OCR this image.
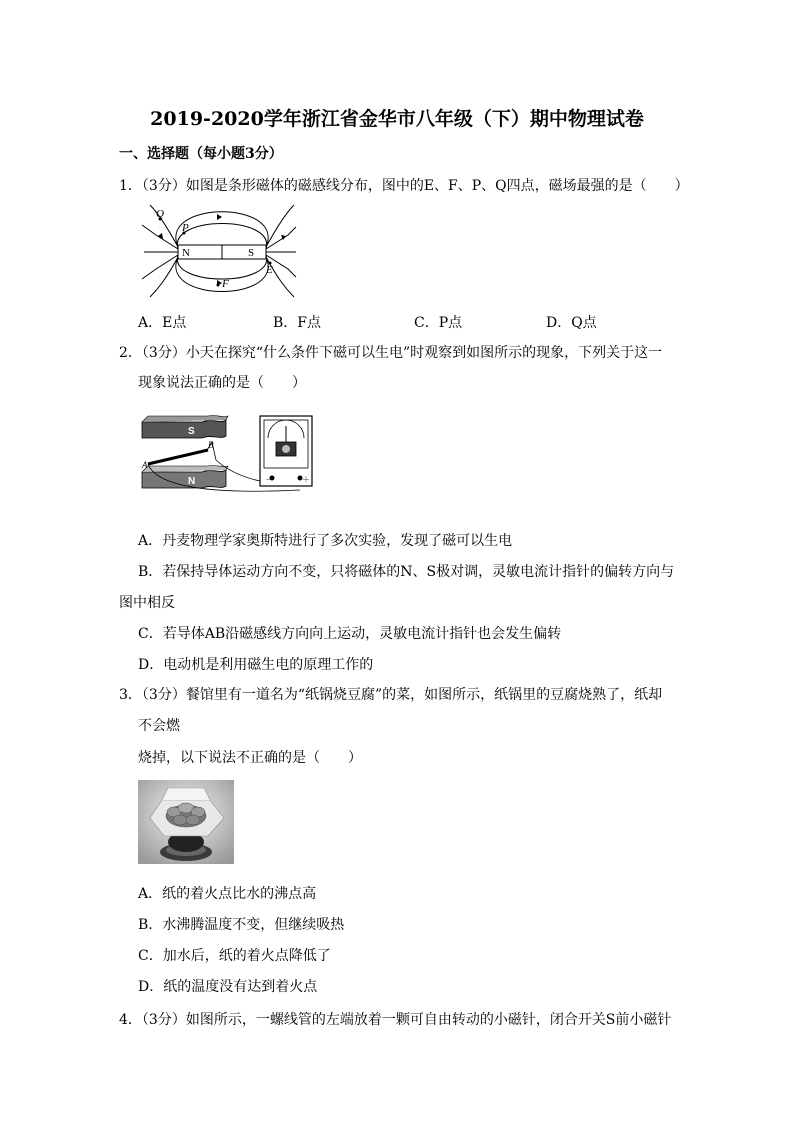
2019-2020学年浙江省金华市八年级（下）期中物理试卷
一、选择题（每小题3分）
1．（3分）如图是条形磁体的磁感线分布，图中的E、F、P、Q四点，磁场最强的是（　　）
N	S
Q
P
E
F
A．E点	B．F点	C．P点	D．Q点
2．（3分）小天在探究“什么条件下磁可以生电”时观察到如图所示的现象，下列关于这一
现象说法正确的是（　　）
S
N
A
B
－	＋
A．丹麦物理学家奥斯特进行了多次实验，发现了磁可以生电
B．若保持导体运动方向不变，只将磁体的N、S极对调，灵敏电流计指针的偏转方向与
图中相反
C．若导体AB沿磁感线方向向上运动，灵敏电流计指针也会发生偏转
D．电动机是利用磁生电的原理工作的
3．（3分）餐馆里有一道名为“纸锅烧豆腐”的菜，如图所示，纸锅里的豆腐烧熟了，纸却
不会燃
烧掉，以下说法不正确的是（　　）
A．纸的着火点比水的沸点高
B．水沸腾温度不变，但继续吸热
C．加水后，纸的着火点降低了
D．纸的温度没有达到着火点
4．（3分）如图所示，一螺线管的左端放着一颗可自由转动的小磁针，闭合开关S前小磁针
